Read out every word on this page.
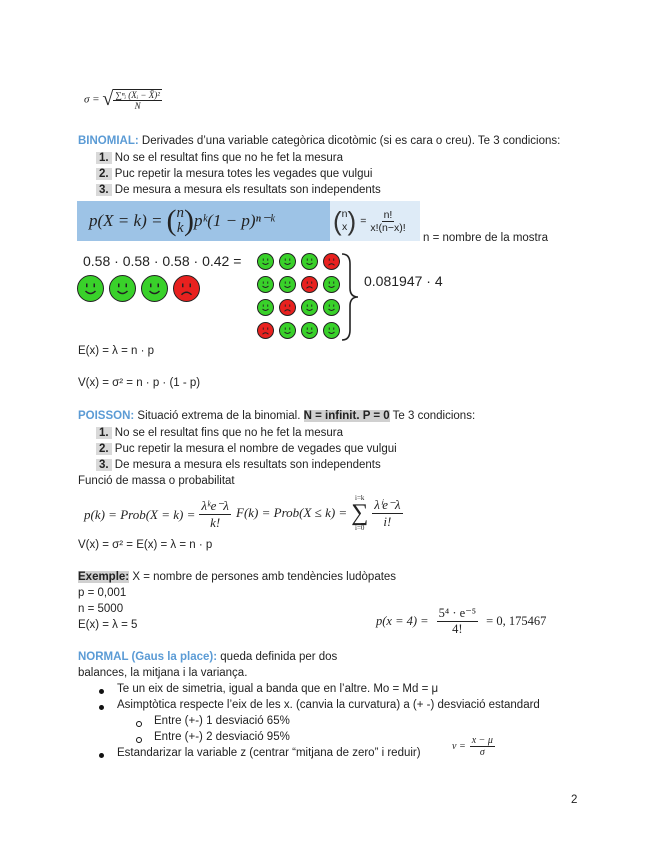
σ = √ $\frac{\text{∑ⁿᵢ (Xᵢ − X̄)²}}{N}$
BINOMIAL: Derivades d’una variable categòrica dicotòmic (si es cara o creu). Te 3 condicions:
1. No se el resultat fins que no he fet la mesura
2. Puc repetir la mesura totes les vegades que vulgui
3. De mesura a mesura els resultats son independents
p(X = k) = ( n
k ) pᵏ(1 − p)ⁿ⁻ᵏ ( n
x ) = $\frac{n!}{x!(n-x)!}$
n = nombre de la mostra
0.58 · 0.58 · 0.58 · 0.42 =
0.081947 · 4
E(x) = λ = n · p
V(x) = σ² = n · p · (1 - p)
POISSON: Situació extrema de la binomial. N = infinit. P = 0 Te 3 condicions:
1. No se el resultat fins que no he fet la mesura
2. Puc repetir la mesura el nombre de vegades que vulgui
3. De mesura a mesura els resultats son independents
Funció de massa o probabilitat
p(k) = Prob(X = $k) = \frac{\text{λᵏe⁻λ}}{k!} F(k)$ = Prob(X ≤ k) =
i=k
∑
$i=0 \frac{\text{λⁱe⁻λ}}{i!}$
V(x) = σ² = E(x) = λ = n · p
Exemple: X = nombre de persones amb tendències ludòpates
p = 0,001
n = 5000
E(x) = λ = 5	$p(x = 4) = \frac{\text{5⁴ · e⁻⁵}}{4!} = 0$, 175467
NORMAL (Gaus la place): queda definida per dos
balances, la mitjana i la variança.
Te un eix de simetria, igual a banda que en l’altre. Mo = Md = μ
Asimptòtica respecte l’eix de les x. (canvia la curvatura) a (+ -) desviació estandard
Entre (+-) 1 desviació 65%
Entre (+-) 2 desviació 95%
Estandarizar la variable z (centrar “mitjana de zero” i reduir)
$\nu = \frac{x - \mu}{\sigma}$
2
